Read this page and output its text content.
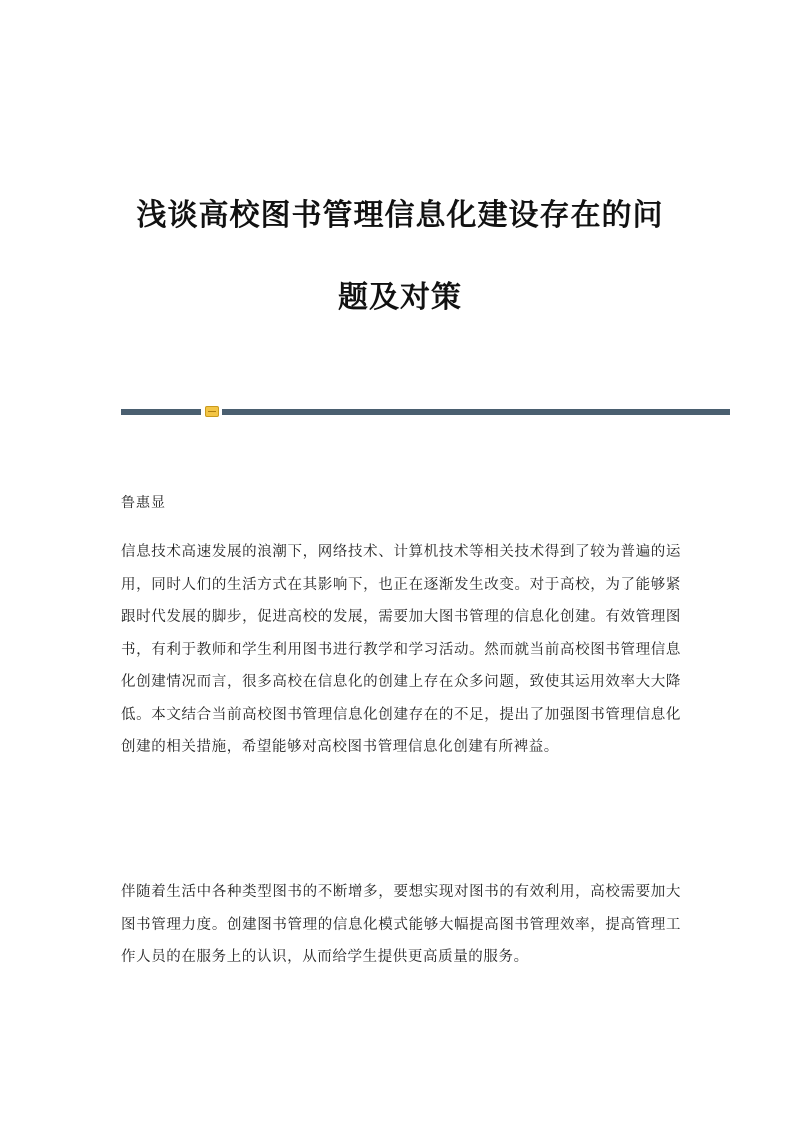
浅谈高校图书管理信息化建设存在的问
题及对策
鲁惠显

信息技术高速发展的浪潮下，网络技术、计算机技术等相关技术得到了较为普遍的运用，同时人们的生活方式在其影响下，也正在逐渐发生改变。对于高校，为了能够紧跟时代发展的脚步，促进高校的发展，需要加大图书管理的信息化创建。有效管理图书，有利于教师和学生利用图书进行教学和学习活动。然而就当前高校图书管理信息化创建情况而言，很多高校在信息化的创建上存在众多问题，致使其运用效率大大降低。本文结合当前高校图书管理信息化创建存在的不足，提出了加强图书管理信息化创建的相关措施，希望能够对高校图书管理信息化创建有所裨益。

伴随着生活中各种类型图书的不断增多，要想实现对图书的有效利用，高校需要加大图书管理力度。创建图书管理的信息化模式能够大幅提高图书管理效率，提高管理工作人员的在服务上的认识，从而给学生提供更高质量的服务。
